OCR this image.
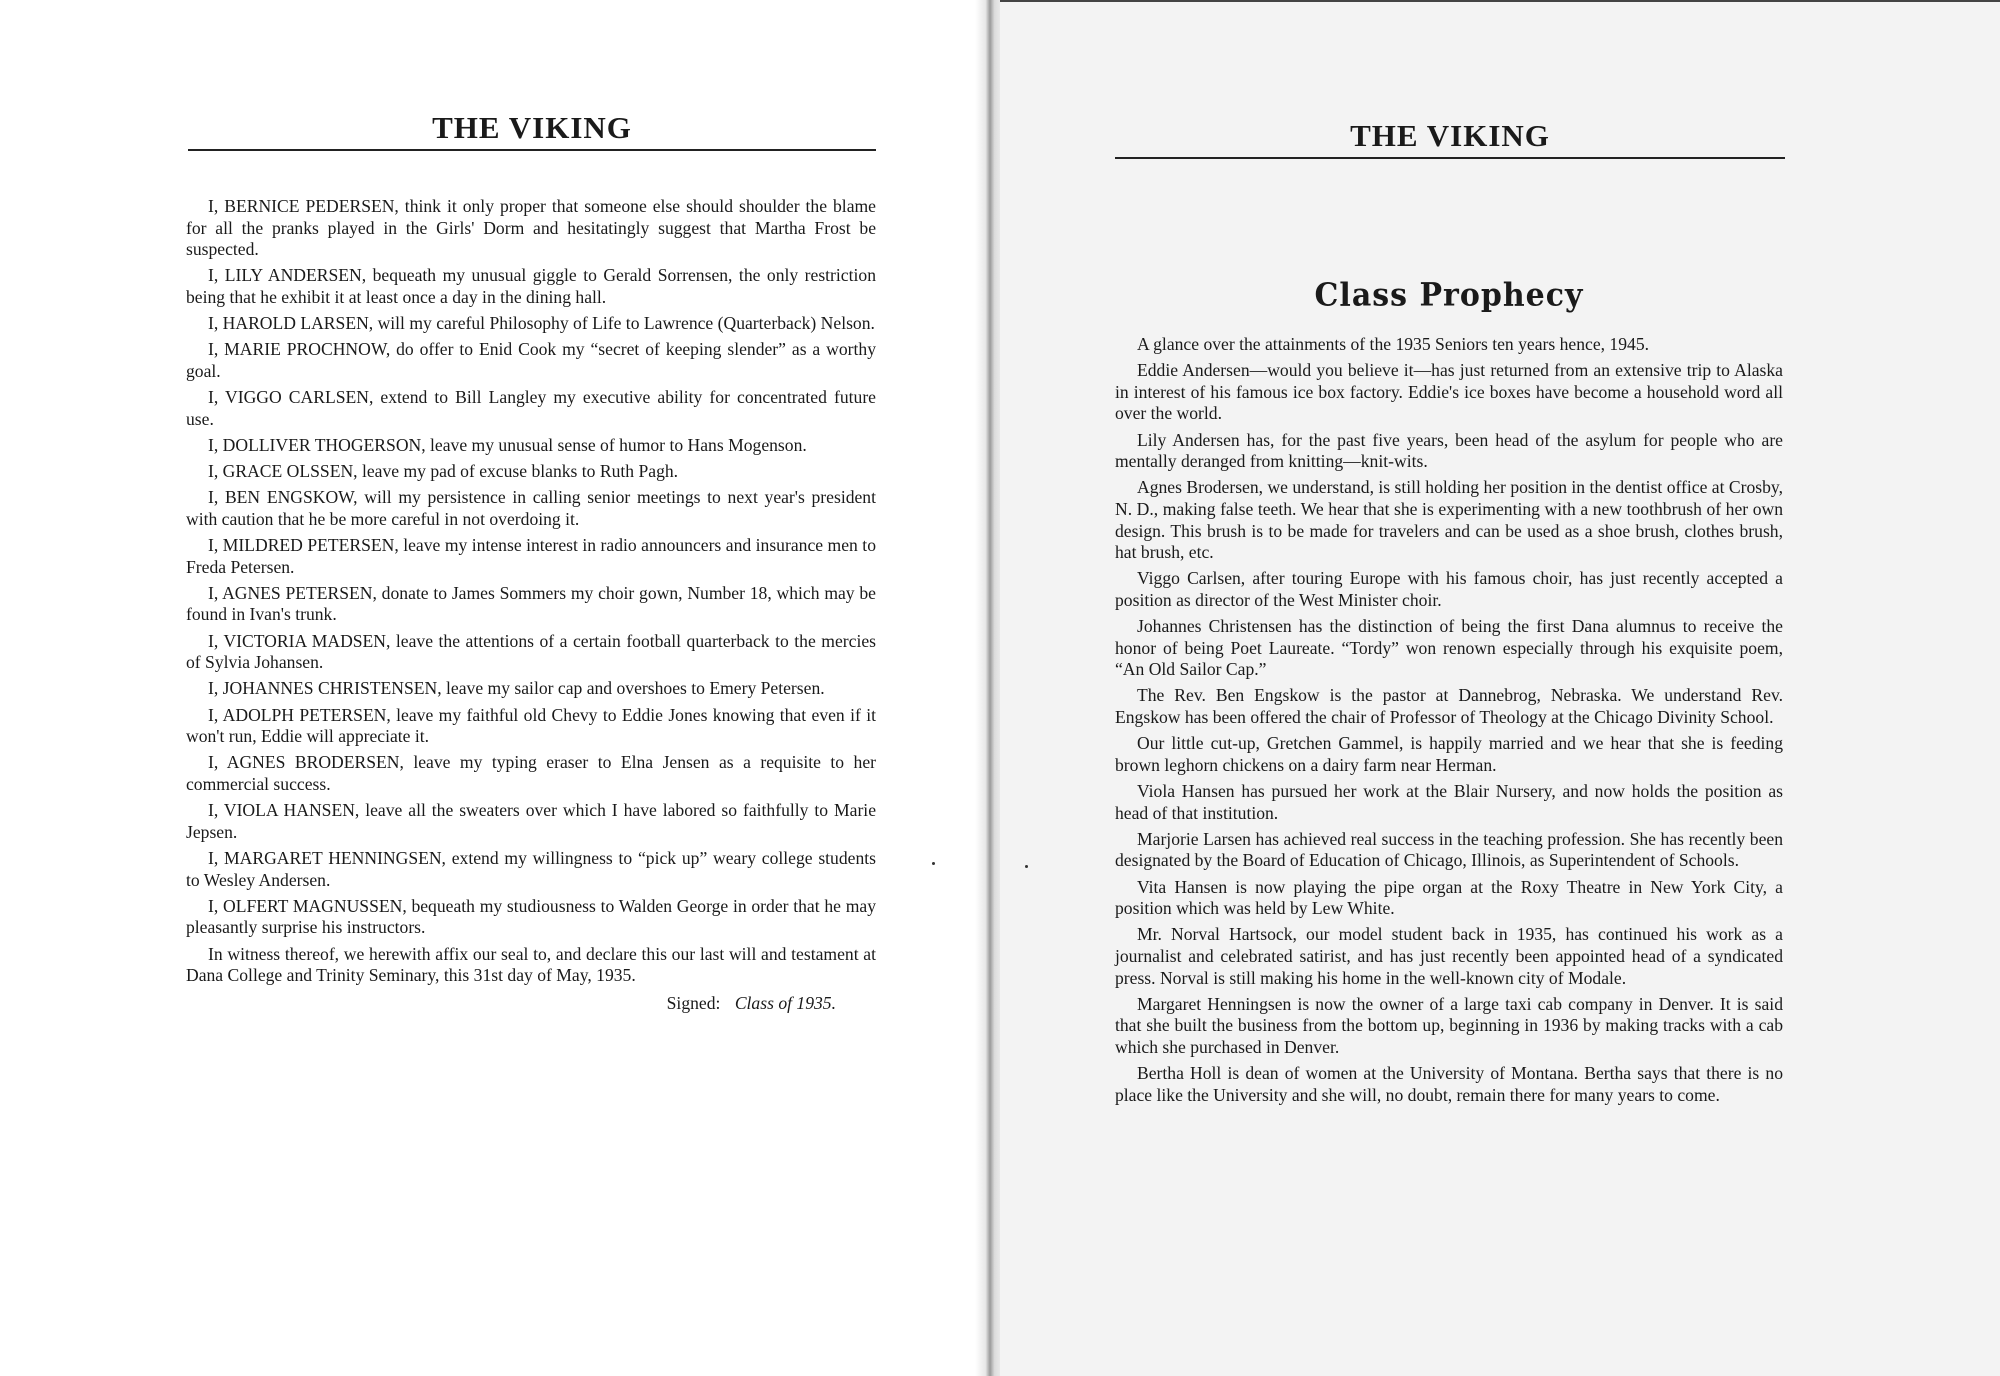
THE VIKING

I, BERNICE PEDERSEN, think it only proper that someone else should shoulder the blame for all the pranks played in the Girls' Dorm and hesitatingly suggest that Martha Frost be suspected.

I, LILY ANDERSEN, bequeath my unusual giggle to Gerald Sorrensen, the only restriction being that he exhibit it at least once a day in the dining hall.

I, HAROLD LARSEN, will my careful Philosophy of Life to Lawrence (Quarterback) Nelson.

I, MARIE PROCHNOW, do offer to Enid Cook my “secret of keeping slender” as a worthy goal.

I, VIGGO CARLSEN, extend to Bill Langley my executive ability for concentrated future use.

I, DOLLIVER THOGERSON, leave my unusual sense of humor to Hans Mogenson.

I, GRACE OLSSEN, leave my pad of excuse blanks to Ruth Pagh.

I, BEN ENGSKOW, will my persistence in calling senior meetings to next year's president with caution that he be more careful in not overdoing it.

I, MILDRED PETERSEN, leave my intense interest in radio announcers and insurance men to Freda Petersen.

I, AGNES PETERSEN, donate to James Sommers my choir gown, Number 18, which may be found in Ivan's trunk.

I, VICTORIA MADSEN, leave the attentions of a certain football quarterback to the mercies of Sylvia Johansen.

I, JOHANNES CHRISTENSEN, leave my sailor cap and overshoes to Emery Petersen.

I, ADOLPH PETERSEN, leave my faithful old Chevy to Eddie Jones knowing that even if it won't run, Eddie will appreciate it.

I, AGNES BRODERSEN, leave my typing eraser to Elna Jensen as a requisite to her commercial success.

I, VIOLA HANSEN, leave all the sweaters over which I have labored so faithfully to Marie Jepsen.

I, MARGARET HENNINGSEN, extend my willingness to “pick up” weary college students to Wesley Andersen.

I, OLFERT MAGNUSSEN, bequeath my studiousness to Walden George in order that he may pleasantly surprise his instructors.

In witness thereof, we herewith affix our seal to, and declare this our last will and testament at Dana College and Trinity Seminary, this 31st day of May, 1935.

Signed: Class of 1935.
THE VIKING
Class Prophecy

A glance over the attainments of the 1935 Seniors ten years hence, 1945.

Eddie Andersen—would you believe it—has just returned from an extensive trip to Alaska in interest of his famous ice box factory. Eddie's ice boxes have become a household word all over the world.

Lily Andersen has, for the past five years, been head of the asylum for people who are mentally deranged from knitting—knit-wits.

Agnes Brodersen, we understand, is still holding her position in the dentist office at Crosby, N. D., making false teeth. We hear that she is experimenting with a new toothbrush of her own design. This brush is to be made for travelers and can be used as a shoe brush, clothes brush, hat brush, etc.

Viggo Carlsen, after touring Europe with his famous choir, has just recently accepted a position as director of the West Minister choir.

Johannes Christensen has the distinction of being the first Dana alumnus to receive the honor of being Poet Laureate. “Tordy” won renown especially through his exquisite poem, “An Old Sailor Cap.”

The Rev. Ben Engskow is the pastor at Dannebrog, Nebraska. We understand Rev. Engskow has been offered the chair of Professor of Theology at the Chicago Divinity School.

Our little cut-up, Gretchen Gammel, is happily married and we hear that she is feeding brown leghorn chickens on a dairy farm near Herman.

Viola Hansen has pursued her work at the Blair Nursery, and now holds the position as head of that institution.

Marjorie Larsen has achieved real success in the teaching profession. She has recently been designated by the Board of Education of Chicago, Illinois, as Superintendent of Schools.

Vita Hansen is now playing the pipe organ at the Roxy Theatre in New York City, a position which was held by Lew White.

Mr. Norval Hartsock, our model student back in 1935, has continued his work as a journalist and celebrated satirist, and has just recently been appointed head of a syndicated press. Norval is still making his home in the well-known city of Modale.

Margaret Henningsen is now the owner of a large taxi cab company in Denver. It is said that she built the business from the bottom up, beginning in 1936 by making tracks with a cab which she purchased in Denver.

Bertha Holl is dean of women at the University of Montana. Bertha says that there is no place like the University and she will, no doubt, remain there for many years to come.
